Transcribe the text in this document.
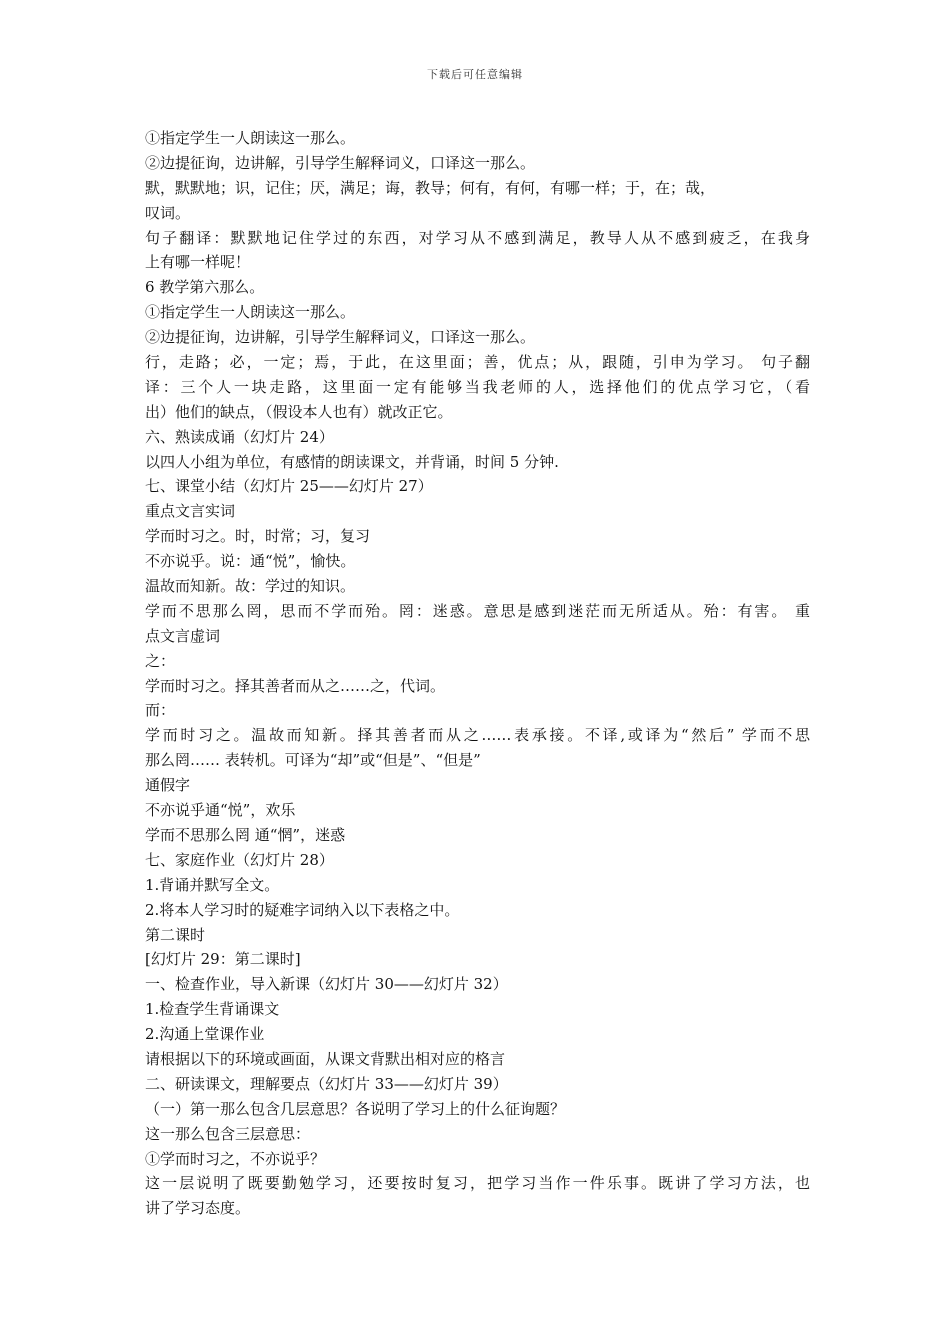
下载后可任意编辑
①指定学生一人朗读这一那么。
②边提征询，边讲解，引导学生解释词义，口译这一那么。
默，默默地；识，记住；厌，满足；诲，教导；何有，有何，有哪一样；于，在；哉，
叹词。
句子翻译：默默地记住学过的东西，对学习从不感到满足，教导人从不感到疲乏，在我身
上有哪一样呢！
6 教学第六那么。
①指定学生一人朗读这一那么。
②边提征询，边讲解，引导学生解释词义，口译这一那么。
行，走路；必，一定；焉，于此，在这里面；善，优点；从，跟随，引申为学习。 句子翻
译：三个人一块走路，这里面一定有能够当我老师的人，选择他们的优点学习它，（看
出）他们的缺点，（假设本人也有）就改正它。
六、熟读成诵（幻灯片 24）
以四人小组为单位，有感情的朗读课文，并背诵，时间 5 分钟.
七、课堂小结（幻灯片 25——幻灯片 27）
重点文言实词
学而时习之。时，时常；习，复习
不亦说乎。说：通“悦”，愉快。
温故而知新。故：学过的知识。
学而不思那么罔，思而不学而殆。罔：迷惑。意思是感到迷茫而无所适从。殆：有害。 重
点文言虚词
之：
学而时习之。择其善者而从之……之，代词。
而：
学而时习之。温故而知新。择其善者而从之……表承接。不译,或译为“然后” 学而不思
那么罔…… 表转机。可译为“却”或“但是”、“但是”
通假字
不亦说乎通“悦”，欢乐
学而不思那么罔 通“惘”，迷惑
七、家庭作业（幻灯片 28）
1.背诵并默写全文。
2.将本人学习时的疑难字词纳入以下表格之中。
第二课时
[幻灯片 29：第二课时]
一、检查作业，导入新课（幻灯片 30——幻灯片 32）
1.检查学生背诵课文
2.沟通上堂课作业
请根据以下的环境或画面，从课文背默出相对应的格言
二、研读课文，理解要点（幻灯片 33——幻灯片 39）
（一）第一那么包含几层意思？各说明了学习上的什么征询题？
这一那么包含三层意思：
①学而时习之，不亦说乎？
这一层说明了既要勤勉学习，还要按时复习，把学习当作一件乐事。既讲了学习方法，也
讲了学习态度。
